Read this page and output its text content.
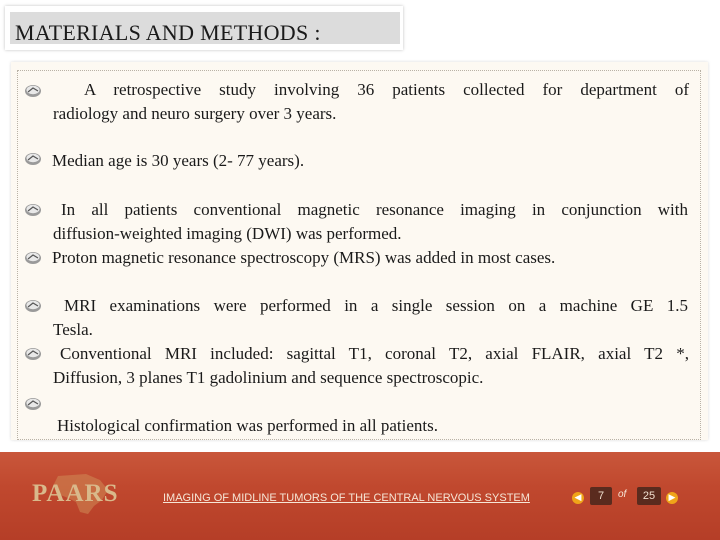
MATERIALS AND METHODS :
A retrospective study involving 36 patients collected for department of
radiology and neuro surgery over 3 years.
Median age is 30 years (2- 77 years).
In all patients conventional magnetic resonance imaging in conjunction with
diffusion-weighted imaging (DWI) was performed.
Proton magnetic resonance spectroscopy (MRS) was added in most cases.
MRI examinations were performed in a single session on a machine GE 1.5
Tesla.
Conventional MRI included: sagittal T1, coronal T2, axial FLAIR, axial T2 *,
Diffusion, 3 planes T1 gadolinium and sequence spectroscopic.
Histological confirmation was performed in all patients.
PAARS	IMAGING OF MIDLINE TUMORS OF THE CENTRAL NERVOUS SYSTEM	◀	7	of	25	▶
